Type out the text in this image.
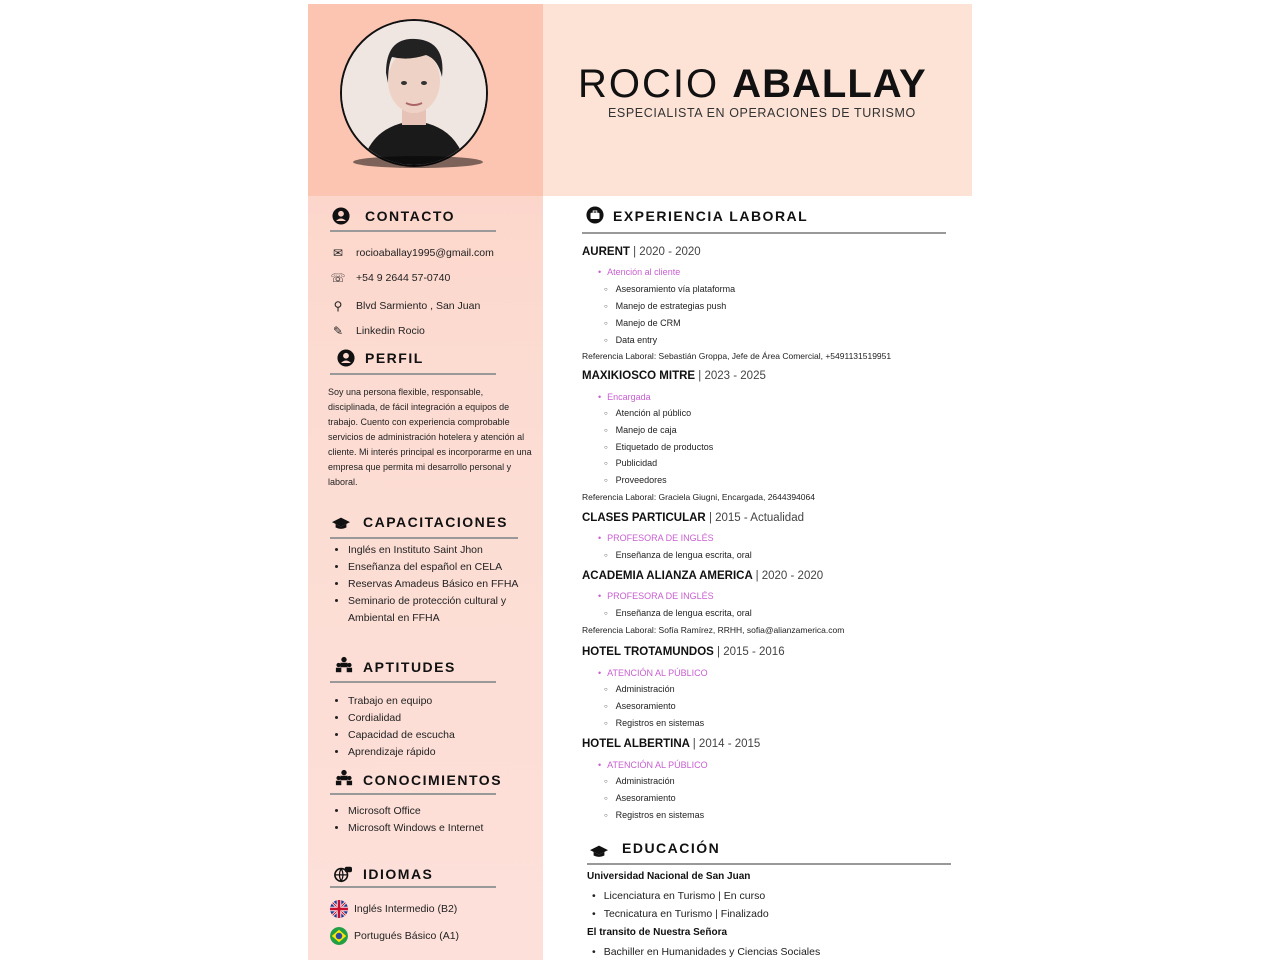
ROCIO ABALLAY
ESPECIALISTA EN OPERACIONES DE TURISMO
CONTACTO
✉ rocioaballay1995@gmail.com
☏ +54 9 2644 57-0740
⚲	Blvd Sarmiento , San Juan
✎ Linkedin Rocio
PERFIL
Soy una persona flexible, responsable, disciplinada, de fácil integración a equipos de trabajo. Cuento con experiencia comprobable servicios de administración hotelera y atención al cliente. Mi interés principal es incorporarme en una empresa que permita mi desarrollo personal y laboral.
CAPACITACIONES
• Inglés en Instituto Saint Jhon
• Enseñanza del español en CELA
• Reservas Amadeus Básico en FFHA
• Seminario de protección cultural y Ambiental en FFHA
APTITUDES
• Trabajo en equipo
• Cordialidad
• Capacidad de escucha
• Aprendizaje rápido
CONOCIMIENTOS
• Microsoft Office
• Microsoft Windows e Internet
IDIOMAS
Inglés Intermedio (B2)
Portugués Básico (A1)
EXPERIENCIA LABORAL
AURENT | 2020 - 2020
• Atención al cliente
○ Asesoramiento vía plataforma
○ Manejo de estrategias push
○ Manejo de CRM
○ Data entry
Referencia Laboral: Sebastián Groppa, Jefe de Área Comercial, +5491131519951
MAXIKIOSCO MITRE | 2023 - 2025
• Encargada
○ Atención al público
○ Manejo de caja
○ Etiquetado de productos
○ Publicidad
○ Proveedores
Referencia Laboral: Graciela Giugni, Encargada, 2644394064
CLASES PARTICULAR | 2015 - Actualidad
• PROFESORA DE INGLÉS
○ Enseñanza de lengua escrita, oral
ACADEMIA ALIANZA AMERICA | 2020 - 2020
• PROFESORA DE INGLÉS
○ Enseñanza de lengua escrita, oral
Referencia Laboral: Sofía Ramírez, RRHH, sofia@alianzamerica.com
HOTEL TROTAMUNDOS | 2015 - 2016
• ATENCIÓN AL PÚBLICO
○ Administración
○ Asesoramiento
○ Registros en sistemas
HOTEL ALBERTINA | 2014 - 2015
• ATENCIÓN AL PÚBLICO
○ Administración
○ Asesoramiento
○ Registros en sistemas
EDUCACIÓN
Universidad Nacional de San Juan
• Licenciatura en Turismo | En curso
• Tecnicatura en Turismo | Finalizado
El transito de Nuestra Señora
• Bachiller en Humanidades y Ciencias Sociales
